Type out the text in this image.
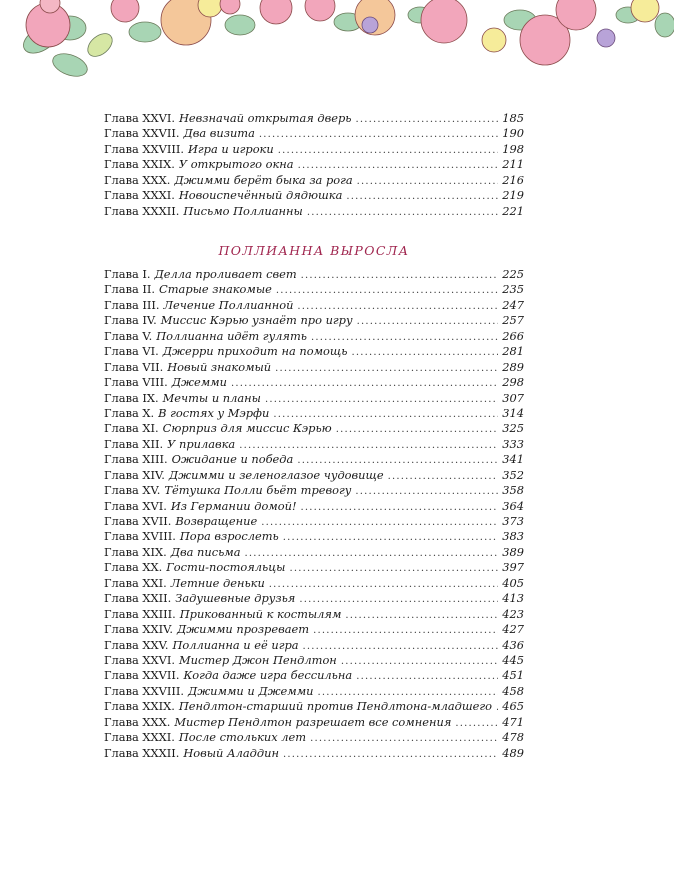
Глава XXVI. Невзначай открытая дверь .....	185
Глава XXVII. Два визита .....	190
Глава XXVIII. Игра и игроки .....	198
Глава XXIX. У открытого окна .....	211
Глава XXX. Джимми берёт быка за рога .....	216
Глава XXXI. Новоиспечённый дядюшка .....	219
Глава XXXII. Письмо Поллианны .....	221
ПОЛЛИАННА ВЫРОСЛА
Глава I. Делла проливает свет .....	225
Глава II. Старые знакомые .....	235
Глава III. Лечение Поллианной .....	247
Глава IV. Миссис Кэрью узнаёт про игру .....	257
Глава V. Поллианна идёт гулять .....	266
Глава VI. Джерри приходит на помощь .....	281
Глава VII. Новый знакомый .....	289
Глава VIII. Джемми .....	298
Глава IX. Мечты и планы .....	307
Глава X. В гостях у Мэрфи .....	314
Глава XI. Сюрприз для миссис Кэрью .....	325
Глава XII. У прилавка .....	333
Глава XIII. Ожидание и победа .....	341
Глава XIV. Джимми и зеленоглазое чудовище .....	352
Глава XV. Тётушка Полли бьёт тревогу .....	358
Глава XVI. Из Германии домой! .....	364
Глава XVII. Возвращение .....	373
Глава XVIII. Пора взрослеть .....	383
Глава XIX. Два письма .....	389
Глава XX. Гости-постояльцы .....	397
Глава XXI. Летние деньки .....	405
Глава XXII. Задушевные друзья .....	413
Глава XXIII. Прикованный к костылям .....	423
Глава XXIV. Джимми прозревает .....	427
Глава XXV. Поллианна и её игра .....	436
Глава XXVI. Мистер Джон Пендлтон .....	445
Глава XXVII. Когда даже игра бессильна .....	451
Глава XXVIII. Джимми и Джемми .....	458
Глава XXIX. Пендлтон-старший против Пендлтона-младшего ..... 465
Глава XXX. Мистер Пендлтон разрешает все сомнения .....	471
Глава XXXI. После стольких лет .....	478
Глава XXXII. Новый Аладдин .....	489
